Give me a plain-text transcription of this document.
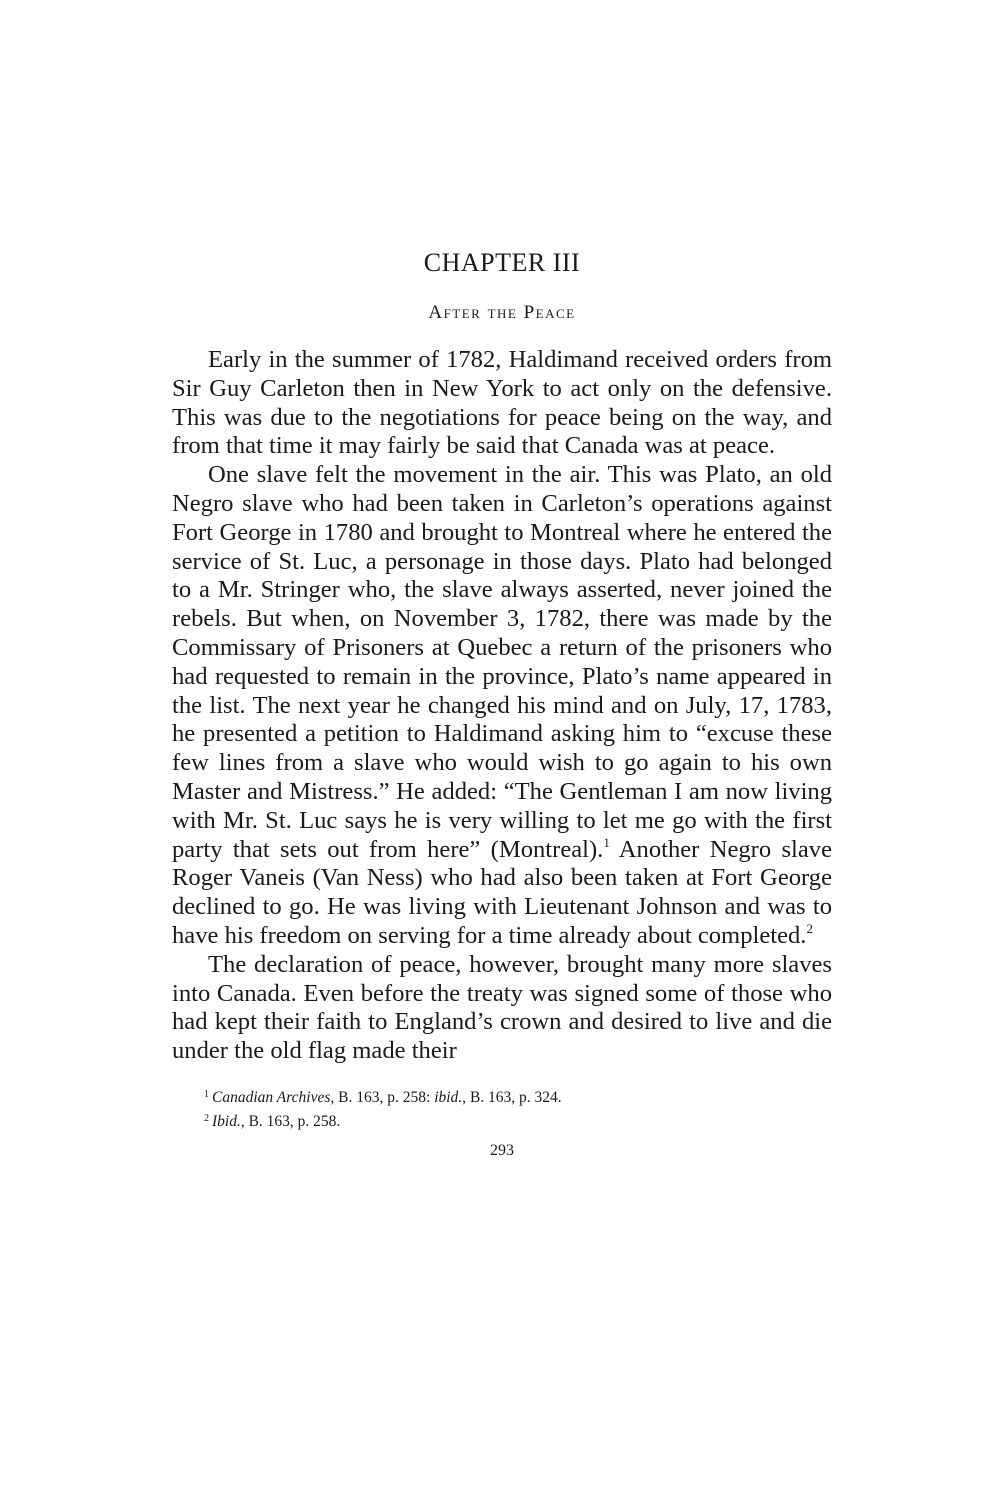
CHAPTER III
After the Peace

Early in the summer of 1782, Haldimand received orders from Sir Guy Carleton then in New York to act only on the defensive. This was due to the negotiations for peace being on the way, and from that time it may fairly be said that Canada was at peace.

One slave felt the movement in the air. This was Plato, an old Negro slave who had been taken in Carleton’s operations against Fort George in 1780 and brought to Montreal where he entered the service of St. Luc, a personage in those days. Plato had belonged to a Mr. Stringer who, the slave always asserted, never joined the rebels. But when, on November 3, 1782, there was made by the Commissary of Prisoners at Quebec a return of the prisoners who had requested to remain in the province, Plato’s name appeared in the list. The next year he changed his mind and on July, 17, 1783, he presented a petition to Haldimand asking him to “excuse these few lines from a slave who would wish to go again to his own Master and Mistress.” He added: “The Gentleman I am now living with Mr. St. Luc says he is very willing to let me go with the first party that sets out from here” (Montreal).$^1$ Another Negro slave Roger Vaneis (Van Ness) who had also been taken at Fort George declined to go. He was living with Lieutenant Johnson and was to have his freedom on serving for a time already about completed.$^2$

The declaration of peace, however, brought many more slaves into Canada. Even before the treaty was signed some of those who had kept their faith to England’s crown and desired to live and die under the old flag made their

$^1$ Canadian Archives, B. 163, p. 258: ibid., B. 163, p. 324.
$^2$ Ibid., B. 163, p. 258.
293
